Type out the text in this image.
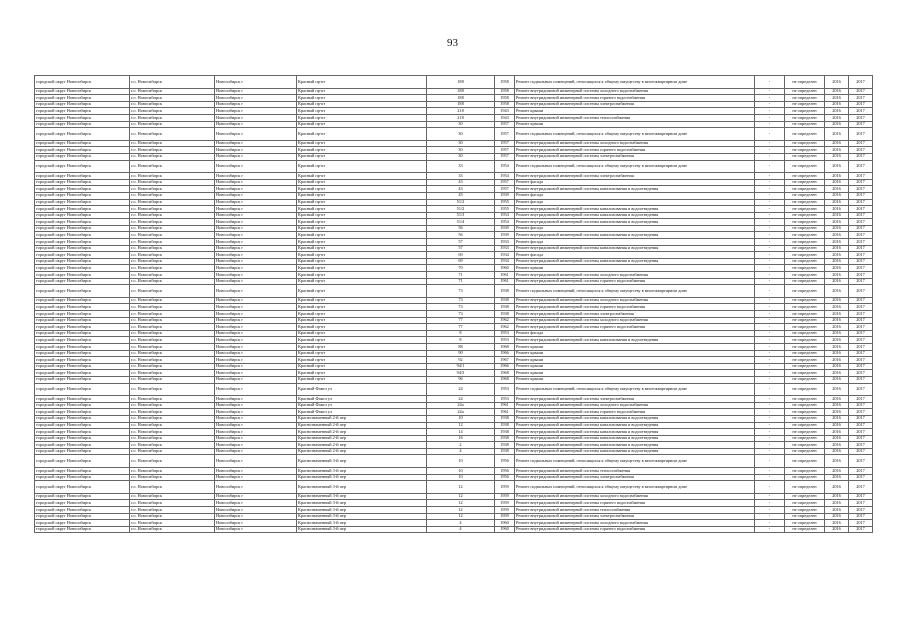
93
городской округ Новосибирск	г.о. Новосибирск	Новосибирск г	Красный пр-кт	188	1958	Ремонт подвальных помещений, относящихся к общему имуществу в многоквартирном доме	-	не определен	2016	2017
городской округ Новосибирск	г.о. Новосибирск	Новосибирск г	Красный пр-кт	188	1958	Ремонт внутридомовой инженерной системы холодного водоснабжения	-	не определен	2016	2017
городской округ Новосибирск	г.о. Новосибирск	Новосибирск г	Красный пр-кт	188	1958	Ремонт внутридомовой инженерной системы горячего водоснабжения	-	не определен	2016	2017
городской округ Новосибирск	г.о. Новосибирск	Новосибирск г	Красный пр-кт	188	1958	Ремонт внутридомовой инженерной системы электроснабжения	-	не определен	2016	2017
городской округ Новосибирск	г.о. Новосибирск	Новосибирск г	Красный пр-кт	218	1943	Ремонт крыши	-	не определен	2016	2017
городской округ Новосибирск	г.о. Новосибирск	Новосибирск г	Красный пр-кт	218	1943	Ремонт внутридомовой инженерной системы теплоснабжения	-	не определен	2016	2017
городской округ Новосибирск	г.о. Новосибирск	Новосибирск г	Красный пр-кт	30	1957	Ремонт крыши	-	не определен	2016	2017
городской округ Новосибирск	г.о. Новосибирск	Новосибирск г	Красный пр-кт	30	1957	Ремонт подвальных помещений, относящихся к общему имуществу в многоквартирном доме	-	не определен	2016	2017
городской округ Новосибирск	г.о. Новосибирск	Новосибирск г	Красный пр-кт	30	1957	Ремонт внутридомовой инженерной системы холодного водоснабжения	-	не определен	2016	2017
городской округ Новосибирск	г.о. Новосибирск	Новосибирск г	Красный пр-кт	30	1957	Ремонт внутридомовой инженерной системы горячего водоснабжения	-	не определен	2016	2017
городской округ Новосибирск	г.о. Новосибирск	Новосибирск г	Красный пр-кт	30	1957	Ремонт внутридомовой инженерной системы электроснабжения	-	не определен	2016	2017
городской округ Новосибирск	г.о. Новосибирск	Новосибирск г	Красный пр-кт	33	1954	Ремонт подвальных помещений, относящихся к общему имуществу в многоквартирном доме	-	не определен	2016	2017
городской округ Новосибирск	г.о. Новосибирск	Новосибирск г	Красный пр-кт	33	1954	Ремонт внутридомовой инженерной системы электроснабжения	-	не определен	2016	2017
городской округ Новосибирск	г.о. Новосибирск	Новосибирск г	Красный пр-кт	43	1957	Ремонт фасада	-	не определен	2016	2017
городской округ Новосибирск	г.о. Новосибирск	Новосибирск г	Красный пр-кт	43	1957	Ремонт внутридомовой инженерной системы канализования и водоотведения	-	не определен	2016	2017
городской округ Новосибирск	г.о. Новосибирск	Новосибирск г	Красный пр-кт	45	1939	Ремонт фасада	-	не определен	2016	2017
городской округ Новосибирск	г.о. Новосибирск	Новосибирск г	Красный пр-кт	51/2	1955	Ремонт фасада	-	не определен	2016	2017
городской округ Новосибирск	г.о. Новосибирск	Новосибирск г	Красный пр-кт	51/2	1955	Ремонт внутридомовой инженерной системы канализования и водоотведения	-	не определен	2016	2017
городской округ Новосибирск	г.о. Новосибирск	Новосибирск г	Красный пр-кт	51/3	1954	Ремонт внутридомовой инженерной системы канализования и водоотведения	-	не определен	2016	2017
городской округ Новосибирск	г.о. Новосибирск	Новосибирск г	Красный пр-кт	51/4	1954	Ремонт внутридомовой инженерной системы канализования и водоотведения	-	не определен	2016	2017
городской округ Новосибирск	г.о. Новосибирск	Новосибирск г	Красный пр-кт	56	1939	Ремонт фасада	-	не определен	2016	2017
городской округ Новосибирск	г.о. Новосибирск	Новосибирск г	Красный пр-кт	56	1939	Ремонт внутридомовой инженерной системы канализования и водоотведения	-	не определен	2016	2017
городской округ Новосибирск	г.о. Новосибирск	Новосибирск г	Красный пр-кт	57	1933	Ремонт фасада	-	не определен	2016	2017
городской округ Новосибирск	г.о. Новосибирск	Новосибирск г	Красный пр-кт	57	1933	Ремонт внутридомовой инженерной системы канализования и водоотведения	-	не определен	2016	2017
городской округ Новосибирск	г.о. Новосибирск	Новосибирск г	Красный пр-кт	69	1934	Ремонт фасада	-	не определен	2016	2017
городской округ Новосибирск	г.о. Новосибирск	Новосибирск г	Красный пр-кт	69	1934	Ремонт внутридомовой инженерной системы канализования и водоотведения	-	не определен	2016	2017
городской округ Новосибирск	г.о. Новосибирск	Новосибирск г	Красный пр-кт	70	1960	Ремонт крыши	-	не определен	2016	2017
городской округ Новосибирск	г.о. Новосибирск	Новосибирск г	Красный пр-кт	71	1961	Ремонт внутридомовой инженерной системы холодного водоснабжения	-	не определен	2016	2017
городской округ Новосибирск	г.о. Новосибирск	Новосибирск г	Красный пр-кт	71	1961	Ремонт внутридомовой инженерной системы горячего водоснабжения	-	не определен	2016	2017
городской округ Новосибирск	г.о. Новосибирск	Новосибирск г	Красный пр-кт	73	1938	Ремонт подвальных помещений, относящихся к общему имуществу в многоквартирном доме	-	не определен	2016	2017
городской округ Новосибирск	г.о. Новосибирск	Новосибирск г	Красный пр-кт	73	1938	Ремонт внутридомовой инженерной системы холодного водоснабжения	-	не определен	2016	2017
городской округ Новосибирск	г.о. Новосибирск	Новосибирск г	Красный пр-кт	73	1938	Ремонт внутридомовой инженерной системы горячего водоснабжения	-	не определен	2016	2017
городской округ Новосибирск	г.о. Новосибирск	Новосибирск г	Красный пр-кт	73	1938	Ремонт внутридомовой инженерной системы электроснабжения	-	не определен	2016	2017
городской округ Новосибирск	г.о. Новосибирск	Новосибирск г	Красный пр-кт	77	1962	Ремонт внутридомовой инженерной системы холодного водоснабжения	-	не определен	2016	2017
городской округ Новосибирск	г.о. Новосибирск	Новосибирск г	Красный пр-кт	77	1962	Ремонт внутридомовой инженерной системы горячего водоснабжения	-	не определен	2016	2017
городской округ Новосибирск	г.о. Новосибирск	Новосибирск г	Красный пр-кт	8	1953	Ремонт фасада	-	не определен	2016	2017
городской округ Новосибирск	г.о. Новосибирск	Новосибирск г	Красный пр-кт	8	1953	Ремонт внутридомовой инженерной системы канализования и водоотведения	-	не определен	2016	2017
городской округ Новосибирск	г.о. Новосибирск	Новосибирск г	Красный пр-кт	88	1968	Ремонт крыши	-	не определен	2016	2017
городской округ Новосибирск	г.о. Новосибирск	Новосибирск г	Красный пр-кт	90	1966	Ремонт крыши	-	не определен	2016	2017
городской округ Новосибирск	г.о. Новосибирск	Новосибирск г	Красный пр-кт	92	1967	Ремонт крыши	-	не определен	2016	2017
городской округ Новосибирск	г.о. Новосибирск	Новосибирск г	Красный пр-кт	94/1	1966	Ремонт крыши	-	не определен	2016	2017
городской округ Новосибирск	г.о. Новосибирск	Новосибирск г	Красный пр-кт	94/3	1968	Ремонт крыши	-	не определен	2016	2017
городской округ Новосибирск	г.о. Новосибирск	Новосибирск г	Красный пр-кт	96	1968	Ремонт крыши	-	не определен	2016	2017
городской округ Новосибирск	г.о. Новосибирск	Новосибирск г	Красный Факел ул	24	1953	Ремонт подвальных помещений, относящихся к общему имуществу в многоквартирном доме	-	не определен	2016	2017
городской округ Новосибирск	г.о. Новосибирск	Новосибирск г	Красный Факел ул	24	1953	Ремонт внутридомовой инженерной системы электроснабжения	-	не определен	2016	2017
городской округ Новосибирск	г.о. Новосибирск	Новосибирск г	Красный Факел ул	24а	1961	Ремонт внутридомовой инженерной системы холодного водоснабжения	-	не определен	2016	2017
городской округ Новосибирск	г.о. Новосибирск	Новосибирск г	Красный Факел ул	24а	1961	Ремонт внутридомовой инженерной системы горячего водоснабжения	-	не определен	2016	2017
городской округ Новосибирск	г.о. Новосибирск	Новосибирск г	Краснознаменный 2-й пер	10	1938	Ремонт внутридомовой инженерной системы канализования и водоотведения	-	не определен	2016	2017
городской округ Новосибирск	г.о. Новосибирск	Новосибирск г	Краснознаменный 2-й пер	12	1938	Ремонт внутридомовой инженерной системы канализования и водоотведения	-	не определен	2016	2017
городской округ Новосибирск	г.о. Новосибирск	Новосибирск г	Краснознаменный 2-й пер	14	1938	Ремонт внутридомовой инженерной системы канализования и водоотведения	-	не определен	2016	2017
городской округ Новосибирск	г.о. Новосибирск	Новосибирск г	Краснознаменный 2-й пер	16	1938	Ремонт внутридомовой инженерной системы канализования и водоотведения	-	не определен	2016	2017
городской округ Новосибирск	г.о. Новосибирск	Новосибирск г	Краснознаменный 2-й пер	2	1938	Ремонт внутридомовой инженерной системы канализования и водоотведения	-	не определен	2016	2017
городской округ Новосибирск	г.о. Новосибирск	Новосибирск г	Краснознаменный 2-й пер	4	1938	Ремонт внутридомовой инженерной системы канализования и водоотведения	-	не определен	2016	2017
городской округ Новосибирск	г.о. Новосибирск	Новосибирск г	Краснознаменный 3-й пер	10	1956	Ремонт подвальных помещений, относящихся к общему имуществу в многоквартирном доме	-	не определен	2016	2017
городской округ Новосибирск	г.о. Новосибирск	Новосибирск г	Краснознаменный 3-й пер	10	1956	Ремонт внутридомовой инженерной системы теплоснабжения	-	не определен	2016	2017
городской округ Новосибирск	г.о. Новосибирск	Новосибирск г	Краснознаменный 3-й пер	10	1956	Ремонт внутридомовой инженерной системы электроснабжения	-	не определен	2016	2017
городской округ Новосибирск	г.о. Новосибирск	Новосибирск г	Краснознаменный 3-й пер	12	1959	Ремонт подвальных помещений, относящихся к общему имуществу в многоквартирном доме	-	не определен	2016	2017
городской округ Новосибирск	г.о. Новосибирск	Новосибирск г	Краснознаменный 3-й пер	12	1959	Ремонт внутридомовой инженерной системы холодного водоснабжения	-	не определен	2016	2017
городской округ Новосибирск	г.о. Новосибирск	Новосибирск г	Краснознаменный 3-й пер	12	1959	Ремонт внутридомовой инженерной системы горячего водоснабжения	-	не определен	2016	2017
городской округ Новосибирск	г.о. Новосибирск	Новосибирск г	Краснознаменный 3-й пер	12	1959	Ремонт внутридомовой инженерной системы теплоснабжения	-	не определен	2016	2017
городской округ Новосибирск	г.о. Новосибирск	Новосибирск г	Краснознаменный 3-й пер	12	1959	Ремонт внутридомовой инженерной системы электроснабжения	-	не определен	2016	2017
городской округ Новосибирск	г.о. Новосибирск	Новосибирск г	Краснознаменный 3-й пер	4	1960	Ремонт внутридомовой инженерной системы холодного водоснабжения	-	не определен	2016	2017
городской округ Новосибирск	г.о. Новосибирск	Новосибирск г	Краснознаменный 3-й пер	4	1960	Ремонт внутридомовой инженерной системы горячего водоснабжения	-	не определен	2016	2017
